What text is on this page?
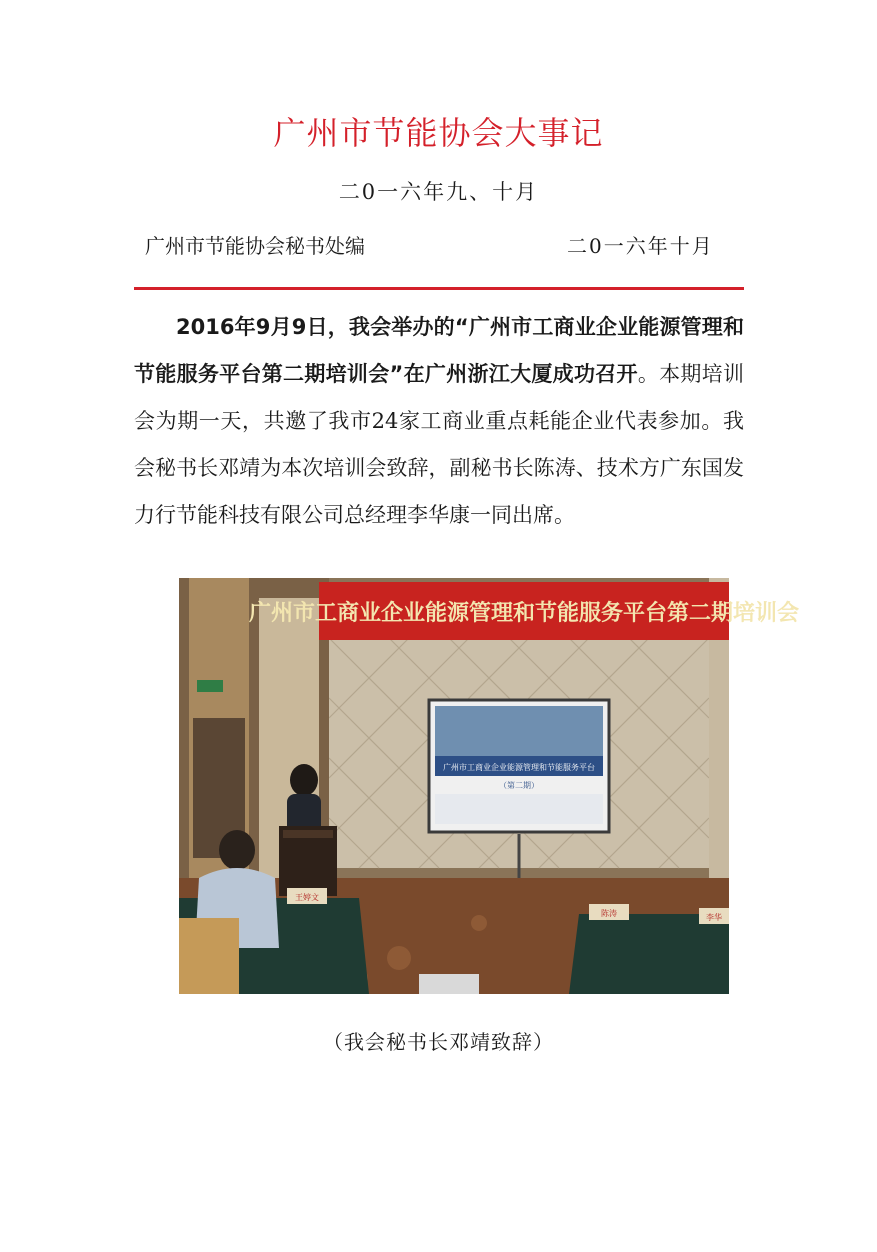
广州市节能协会大事记
二0一六年九、十月
广州市节能协会秘书处编	二0一六年十月

2016年9月9日，我会举办的“广州市工商业企业能源管理和节能服务平台第二期培训会”在广州浙江大厦成功召开。本期培训会为期一天，共邀了我市24家工商业重点耗能企业代表参加。我会秘书长邓靖为本次培训会致辞，副秘书长陈涛、技术方广东国发力行节能科技有限公司总经理李华康一同出席。

广州市工商业企业能源管理和节能服务平台第二期培训会
广州市工商业企业能源管理和节能服务平台
（第二期）
王婷文
陈涛	李华
（我会秘书长邓靖致辞）
